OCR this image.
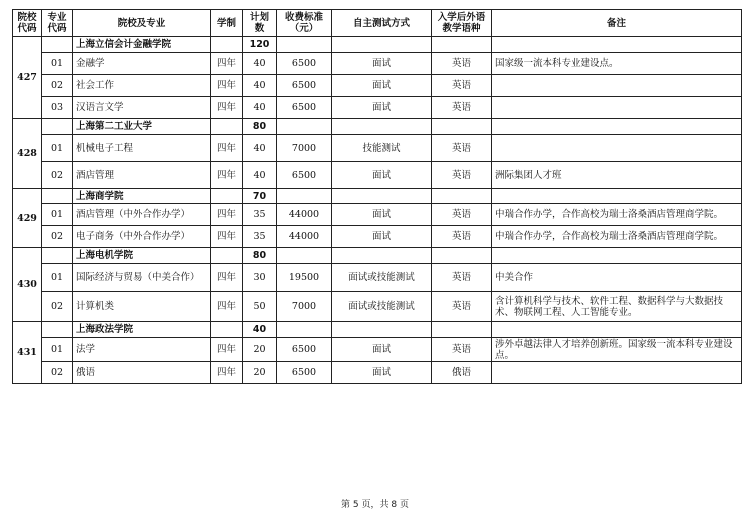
院校代码	专业代码	院校及专业	学制	计划数	收费标准（元）	自主测试方式	入学后外语教学语种	备注
427		上海立信会计金融学院		120				
	01	金融学	四年	40	6500	面试	英语	国家级一流本科专业建设点。
	02	社会工作	四年	40	6500	面试	英语	
	03	汉语言文学	四年	40	6500	面试	英语	
428		上海第二工业大学		80				
	01	机械电子工程	四年	40	7000	技能测试	英语	
	02	酒店管理	四年	40	6500	面试	英语	洲际集团人才班
429		上海商学院		70				
	01	酒店管理（中外合作办学）	四年	35	44000	面试	英语	中瑞合作办学，合作高校为瑞士洛桑酒店管理商学院。
	02	电子商务（中外合作办学）	四年	35	44000	面试	英语	中瑞合作办学，合作高校为瑞士洛桑酒店管理商学院。
430		上海电机学院		80				
	01	国际经济与贸易（中美合作）	四年	30	19500	面试或技能测试	英语	中美合作
	02	计算机类	四年	50	7000	面试或技能测试	英语	含计算机科学与技术、软件工程、数据科学与大数据技术、物联网工程、人工智能专业。
431		上海政法学院		40				
	01	法学	四年	20	6500	面试	英语	涉外卓越法律人才培养创新班。国家级一流本科专业建设点。
	02	俄语	四年	20	6500	面试	俄语	
第 5 页，共 8 页
